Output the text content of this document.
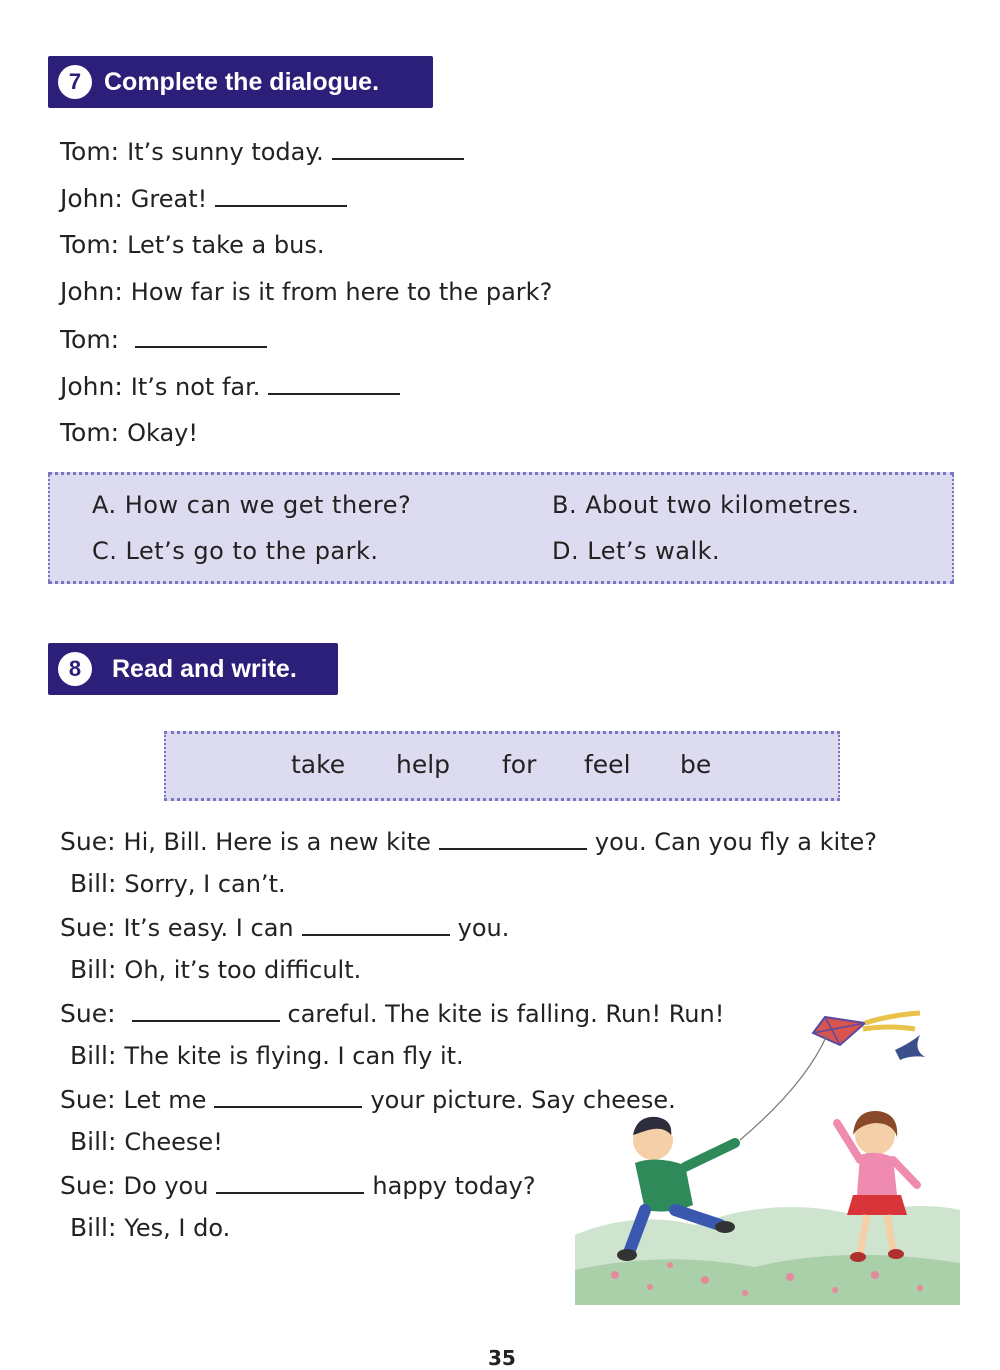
7 Complete the dialogue.
Tom: It’s sunny today.
John: Great!
Tom: Let’s take a bus.
John: How far is it from here to the park?
Tom:
John: It’s not far.
Tom: Okay!
A. How can we get there?	B. About two kilometres.
C. Let’s go to the park.	D. Let’s walk.
8	Read and write.
take help for feel be
Sue: Hi, Bill. Here is a new kite	you. Can you fly a kite?
Bill: Sorry, I can’t.
Sue: It’s easy. I can	you.
Bill: Oh, it’s too difficult.
Sue:	careful. The kite is falling. Run! Run!
Bill: The kite is flying. I can fly it.
Sue: Let me	your picture. Say cheese.
Bill: Cheese!
Sue: Do you	happy today?
Bill: Yes, I do.
35
